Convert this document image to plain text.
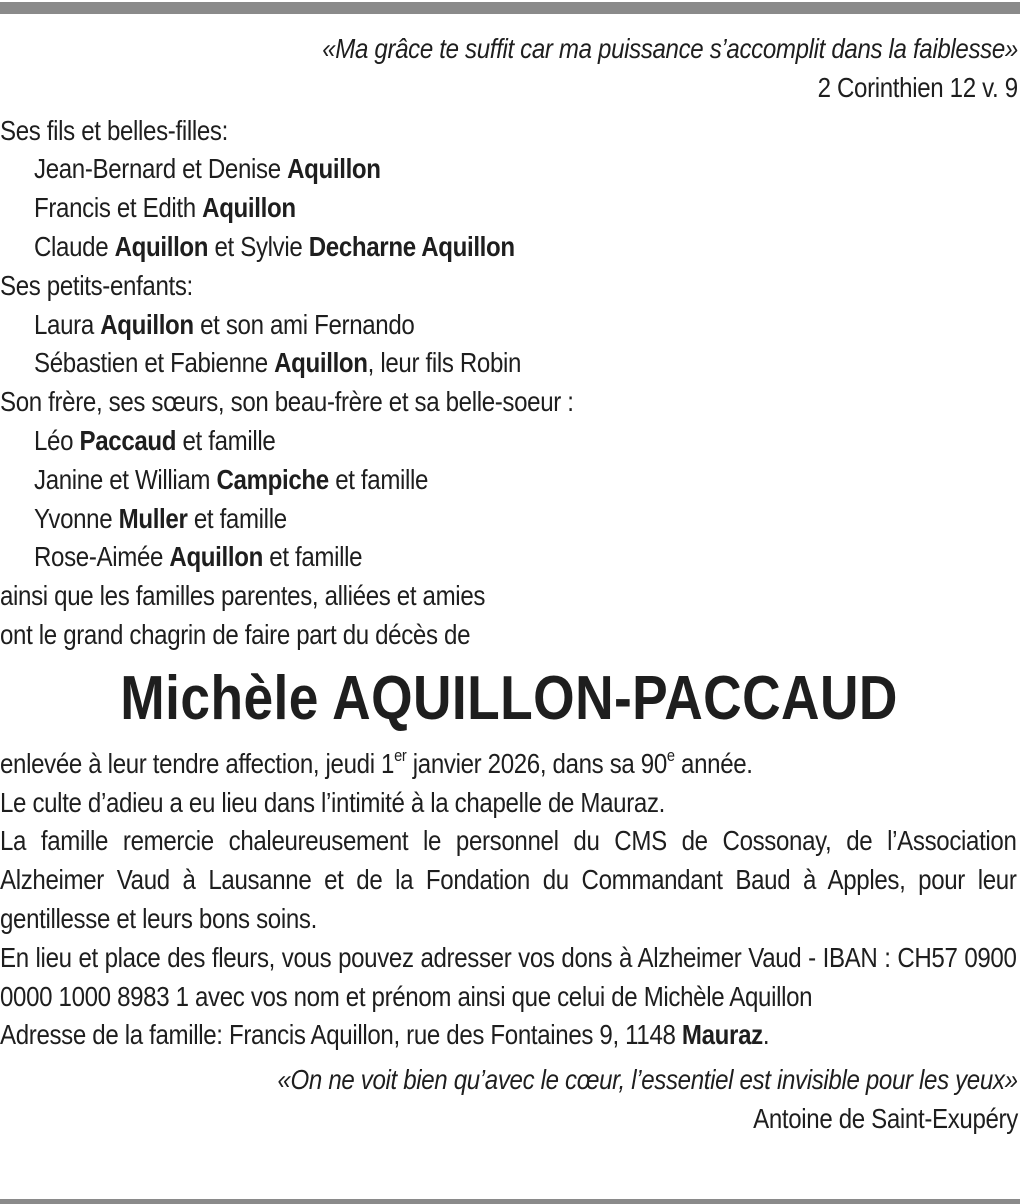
«Ma grâce te suffit car ma puissance s’accomplit dans la faiblesse»
2 Corinthien 12 v. 9
Ses fils et belles-filles:
Jean-Bernard et Denise Aquillon
Francis et Edith Aquillon
Claude Aquillon et Sylvie Decharne Aquillon
Ses petits-enfants:
Laura Aquillon et son ami Fernando
Sébastien et Fabienne Aquillon, leur fils Robin
Son frère, ses sœurs, son beau-frère et sa belle-soeur :
Léo Paccaud et famille
Janine et William Campiche et famille
Yvonne Muller et famille
Rose-Aimée Aquillon et famille
ainsi que les familles parentes, alliées et amies
ont le grand chagrin de faire part du décès de
Michèle AQUILLON-PACCAUD
enlevée à leur tendre affection, jeudi 1er janvier 2026, dans sa 90e année.
Le culte d’adieu a eu lieu dans l’intimité à la chapelle de Mauraz.
La famille remercie chaleureusement le personnel du CMS de Cossonay, de l’Association Alzheimer Vaud à Lausanne et de la Fondation du Commandant Baud à Apples, pour leur gentillesse et leurs bons soins.
En lieu et place des fleurs, vous pouvez adresser vos dons à Alzheimer Vaud - IBAN : CH57 0900 0000 1000 8983 1 avec vos nom et prénom ainsi que celui de Michèle Aquillon
Adresse de la famille: Francis Aquillon, rue des Fontaines 9, 1148 Mauraz.
«On ne voit bien qu’avec le cœur, l’essentiel est invisible pour les yeux»
Antoine de Saint-Exupéry
